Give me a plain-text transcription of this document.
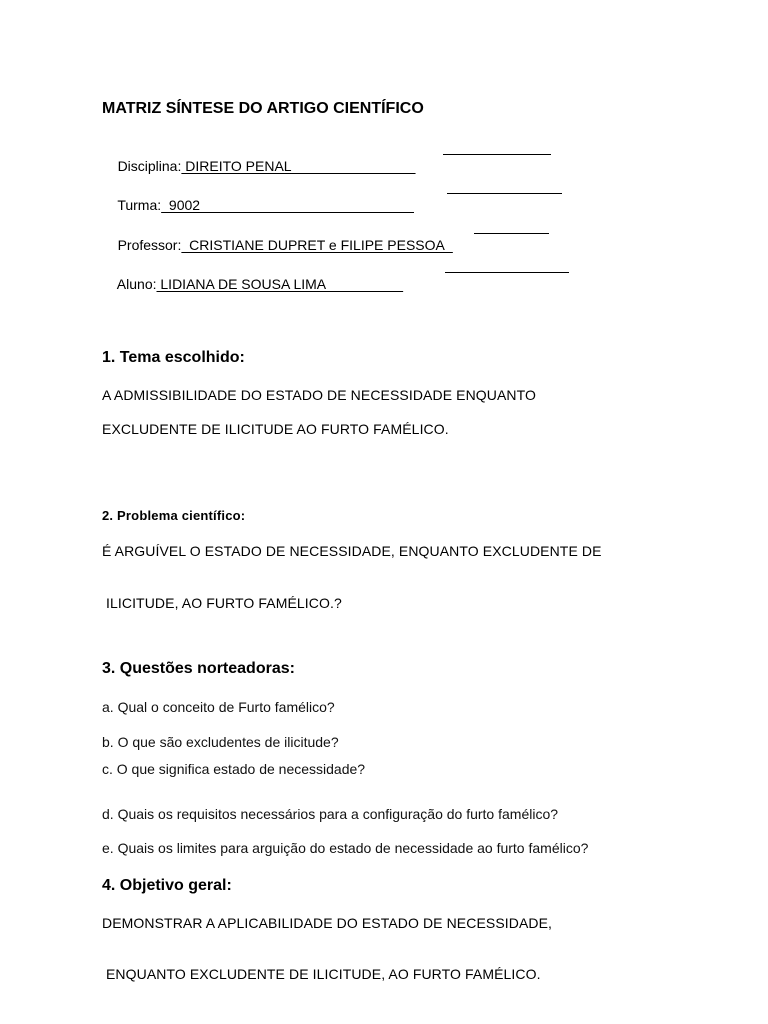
MATRIZ SÍNTESE DO ARTIGO CIENTÍFICO

Disciplina: DIREITO PENAL

Turma:  9002

Professor:  CRISTIANE DUPRET e FILIPE PESSOA_

Aluno: LIDIANA DE SOUSA LIMA

1. Tema escolhido:
A ADMISSIBILIDADE DO ESTADO DE NECESSIDADE ENQUANTO
EXCLUDENTE DE ILICITUDE AO FURTO FAMÉLICO.
2. Problema científico:
É ARGUÍVEL O ESTADO DE NECESSIDADE, ENQUANTO EXCLUDENTE DE
ILICITUDE, AO FURTO FAMÉLICO.?
3. Questões norteadoras:
a. Qual o conceito de Furto famélico?
b. O que são excludentes de ilicitude?
c. O que significa estado de necessidade?
d. Quais os requisitos necessários para a configuração do furto famélico?
e. Quais os limites para arguição do estado de necessidade ao furto famélico?
4. Objetivo geral:
DEMONSTRAR A APLICABILIDADE DO ESTADO DE NECESSIDADE,
ENQUANTO EXCLUDENTE DE ILICITUDE, AO FURTO FAMÉLICO.
